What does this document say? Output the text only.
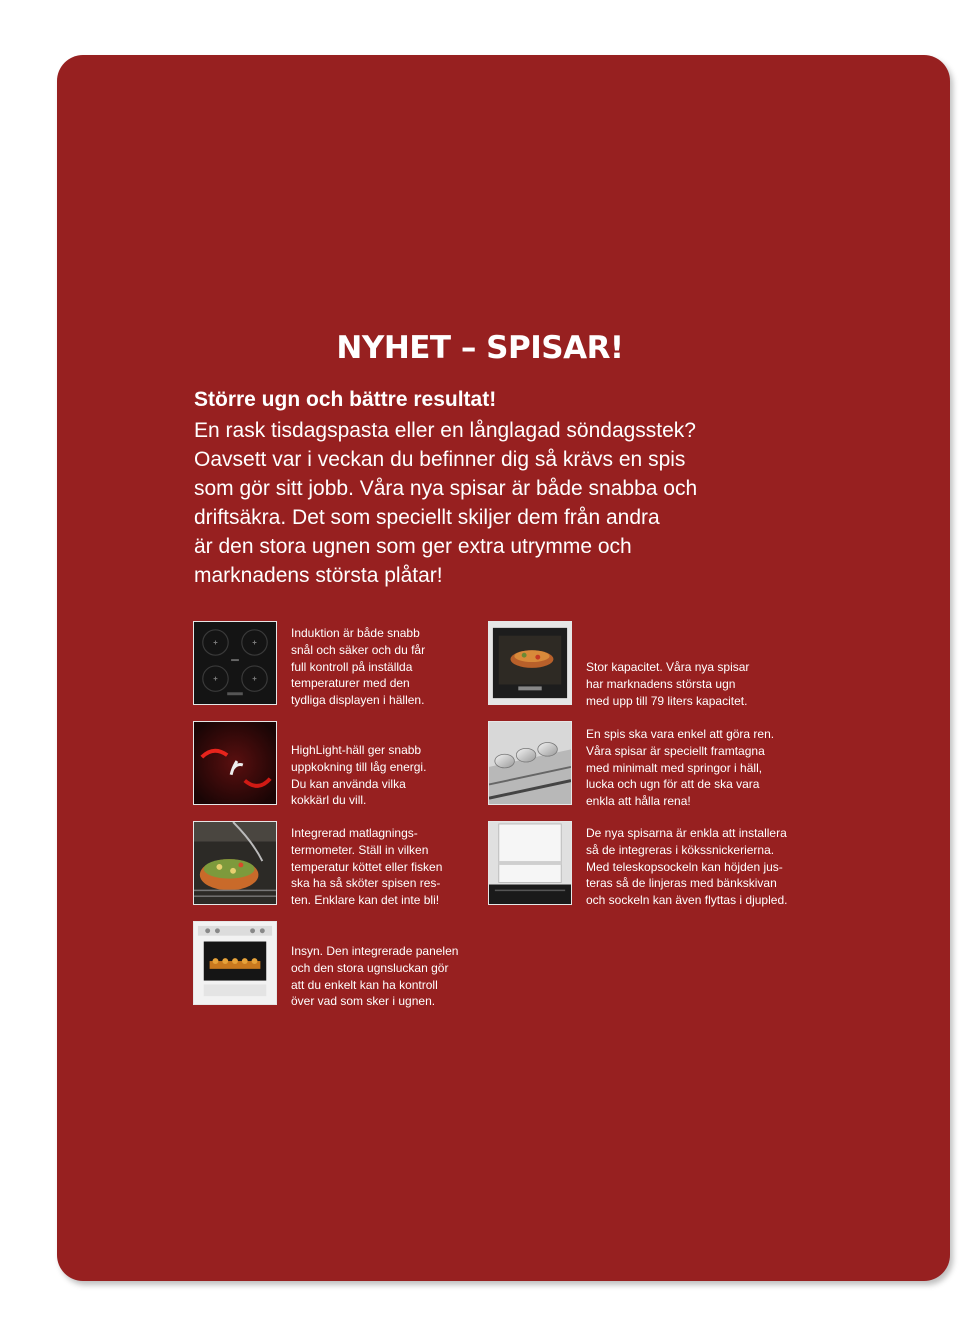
NYHET – SPISAR!

Större ugn och bättre resultat!

En rask tisdagspasta eller en långlagad söndagsstek?
Oavsett var i veckan du befinner dig så krävs en spis
som gör sitt jobb. Våra nya spisar är både snabba och
driftsäkra. Det som speciellt skiljer dem från andra
är den stora ugnen som ger extra utrymme och
marknadens största plåtar!

Induktion är både snabb
snål och säker och du får
full kontroll på inställda
temperaturer med den
tydliga displayen i hällen.

HighLight-häll ger snabb
uppkokning till låg energi.
Du kan använda vilka
kokkärl du vill.

Integrerad matlagnings-
termometer. Ställ in vilken
temperatur köttet eller fisken
ska ha så sköter spisen res-
ten. Enklare kan det inte bli!

Insyn. Den integrerade panelen
och den stora ugnsluckan gör
att du enkelt kan ha kontroll
över vad som sker i ugnen.

Stor kapacitet. Våra nya spisar
har marknadens största ugn
med upp till 79 liters kapacitet.

En spis ska vara enkel att göra ren.
Våra spisar är speciellt framtagna
med minimalt med springor i häll,
lucka och ugn för att de ska vara
enkla att hålla rena!

De nya spisarna är enkla att installera
så de integreras i kökssnickerierna.
Med teleskopsockeln kan höjden jus-
teras så de linjeras med bänkskivan
och sockeln kan även flyttas i djupled.
